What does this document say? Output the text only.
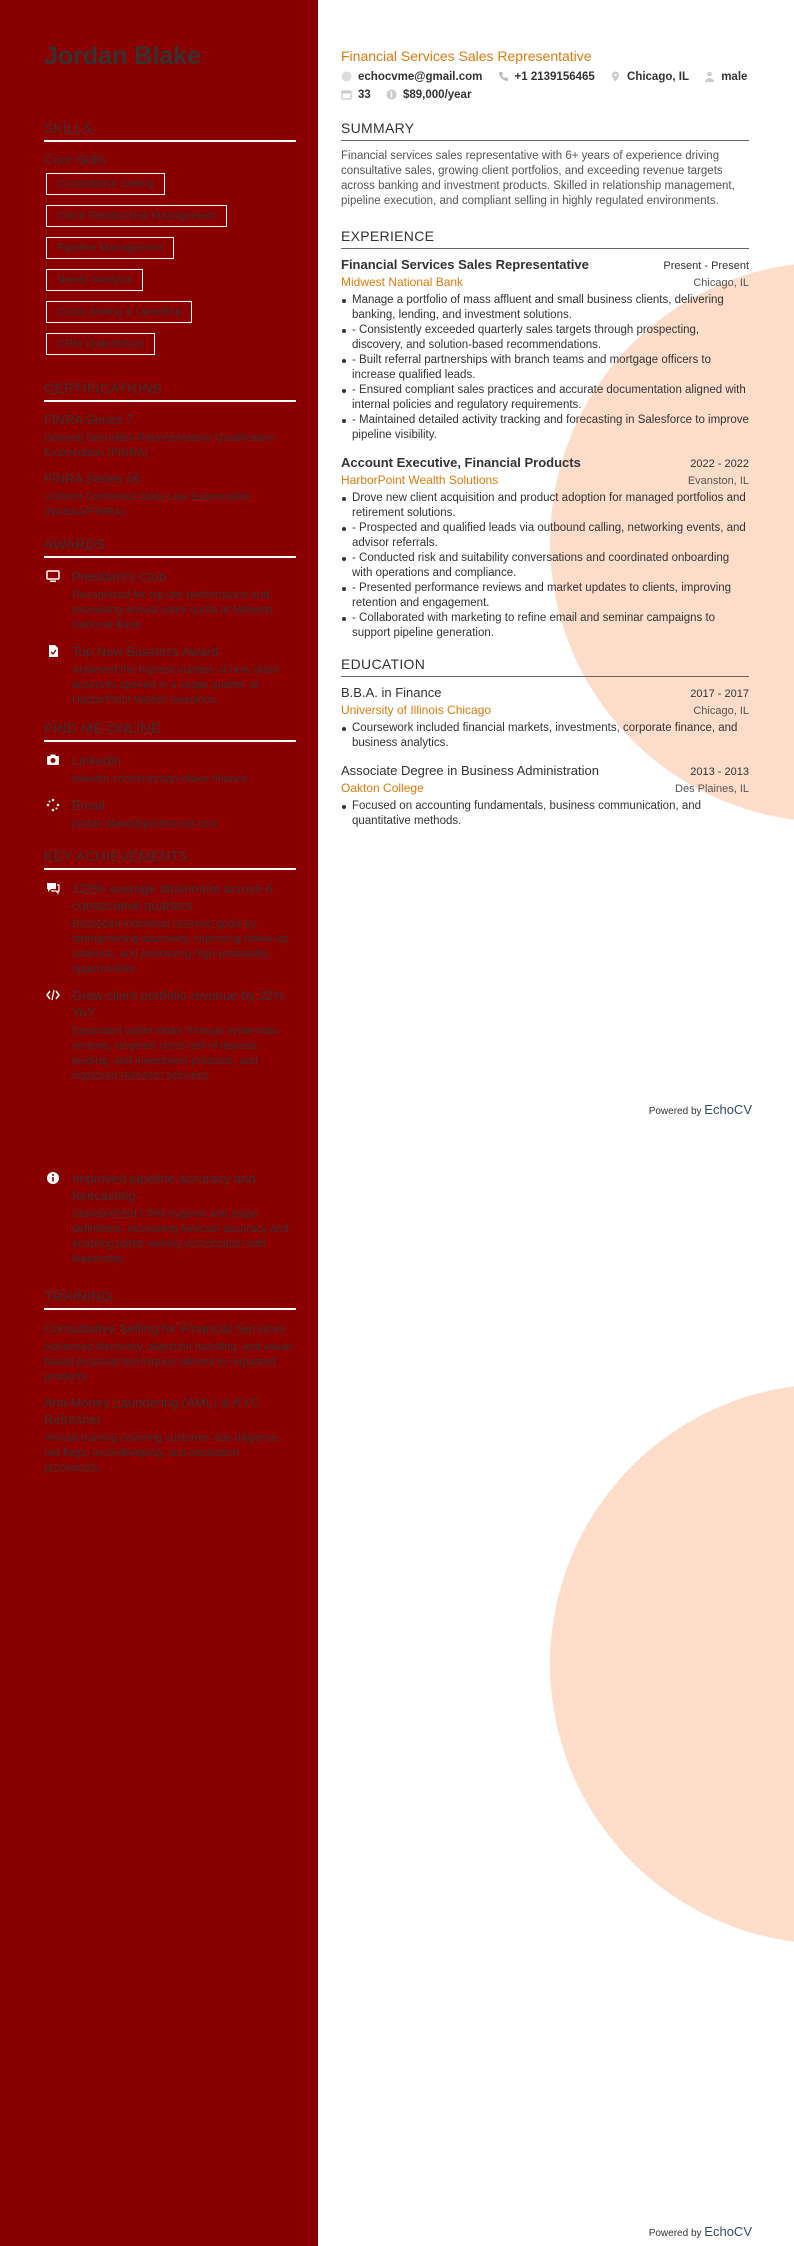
Jordan Blake
SKILLS
Core Skills
Consultative Selling
Client Relationship Management
Pipeline Management
Needs Analysis
Cross-Selling & Upselling
CRM (Salesforce)
CERTIFICATIONS
FINRA Series 7
General Securities Representative Qualification Examination (FINRA).
FINRA Series 66
Uniform Combined State Law Examination (NASAA/FINRA).
AWARDS
President's Club
Recognized for top-tier performance and exceeding annual sales quota at Midwest National Bank.
Top New Business Award
Achieved the highest number of new client accounts opened in a single quarter at HarborPoint Wealth Solutions.
FIND ME ONLINE
LinkedIn
linkedin.com/in/jordan-blake-finance
Email
jordan.blake@protonmail.com
KEY ACHIEVEMENTS
128% average attainment across 6 consecutive quarters
Exceeded individual revenue goals by strengthening discovery, improving follow-up cadence, and prioritizing high-probability opportunities.
Grew client portfolio revenue by 32% YoY
Expanded wallet share through systematic reviews, targeted cross-sell of deposit, lending, and investment products, and improved retention activities.
Improved pipeline accuracy and forecasting
Standardized CRM hygiene and stage definitions, increasing forecast accuracy and enabling better weekly prioritization with leadership.
TRAINING
Consultative Selling for Financial Services
Advanced discovery, objection handling, and value-based proposal techniques tailored to regulated products.
Anti-Money Laundering (AML) & KYC Refresher
Annual training covering customer due diligence, red flags, recordkeeping, and escalation procedures.
Financial Services Sales Representative
echocvme@gmail.com	+1 2139156465	Chicago, IL	male
33	$89,000/year
SUMMARY
Financial services sales representative with 6+ years of experience driving consultative sales, growing client portfolios, and exceeding revenue targets across banking and investment products. Skilled in relationship management, pipeline execution, and compliant selling in highly regulated environments.
EXPERIENCE
Financial Services Sales Representative	Present - Present
Midwest National Bank	Chicago, IL
Manage a portfolio of mass affluent and small business clients, delivering banking, lending, and investment solutions.
- Consistently exceeded quarterly sales targets through prospecting, discovery, and solution-based recommendations.
- Built referral partnerships with branch teams and mortgage officers to increase qualified leads.
- Ensured compliant sales practices and accurate documentation aligned with internal policies and regulatory requirements.
- Maintained detailed activity tracking and forecasting in Salesforce to improve pipeline visibility.
Account Executive, Financial Products	2022 - 2022
HarborPoint Wealth Solutions	Evanston, IL
Drove new client acquisition and product adoption for managed portfolios and retirement solutions.
- Prospected and qualified leads via outbound calling, networking events, and advisor referrals.
- Conducted risk and suitability conversations and coordinated onboarding with operations and compliance.
- Presented performance reviews and market updates to clients, improving retention and engagement.
- Collaborated with marketing to refine email and seminar campaigns to support pipeline generation.
EDUCATION
B.B.A. in Finance	2017 - 2017
University of Illinois Chicago	Chicago, IL
Coursework included financial markets, investments, corporate finance, and business analytics.
Associate Degree in Business Administration	2013 - 2013
Oakton College	Des Plaines, IL
Focused on accounting fundamentals, business communication, and quantitative methods.
Powered by EchoCV
Powered by EchoCV
